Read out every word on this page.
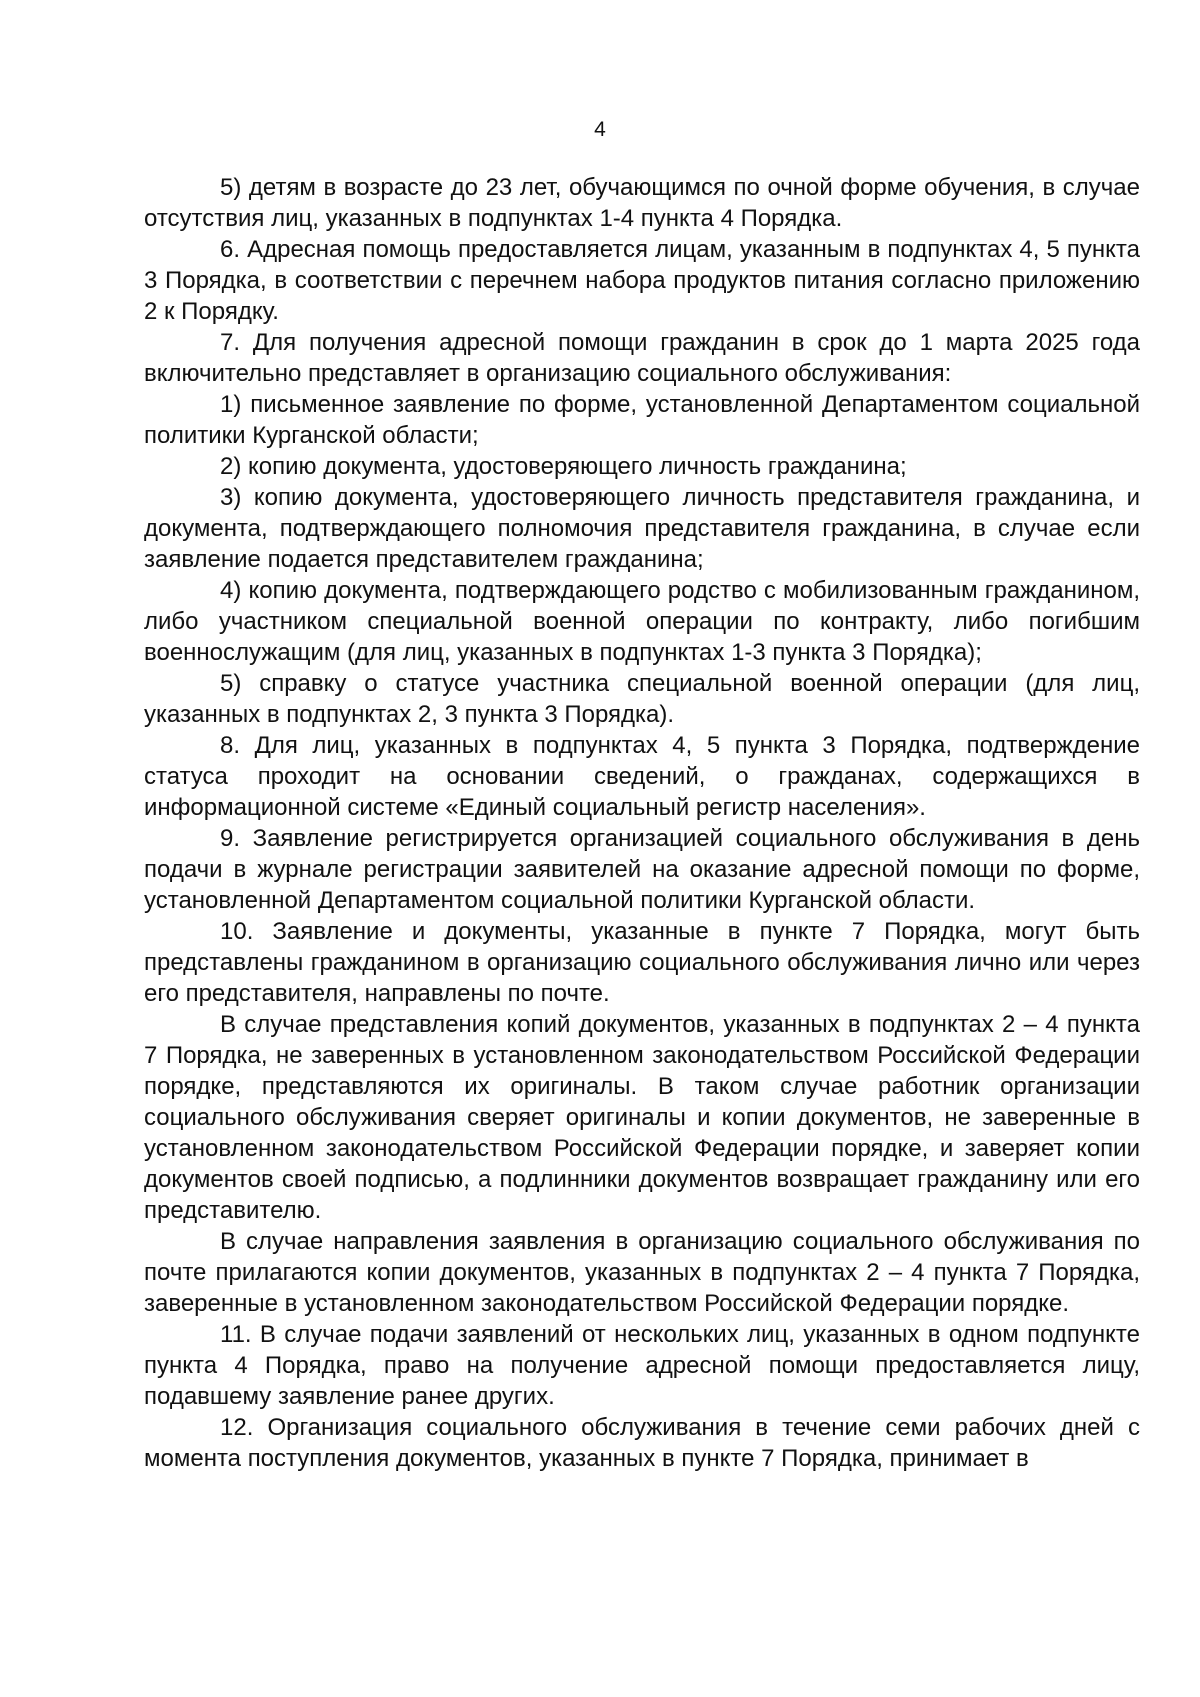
4

5) детям в возрасте до 23 лет, обучающимся по очной форме обучения, в случае отсутствия лиц, указанных в подпунктах 1-4 пункта 4 Порядка.

6. Адресная помощь предоставляется лицам, указанным в подпунктах 4, 5 пункта 3 Порядка, в соответствии с перечнем набора продуктов питания согласно приложению 2 к Порядку.

7. Для получения адресной помощи гражданин в срок до 1 марта 2025 года включительно представляет в организацию социального обслуживания:

1) письменное заявление по форме, установленной Департаментом социальной политики Курганской области;

2) копию документа, удостоверяющего личность гражданина;

3) копию документа, удостоверяющего личность представителя гражданина, и документа, подтверждающего полномочия представителя гражданина, в случае если заявление подается представителем гражданина;

4) копию документа, подтверждающего родство с мобилизованным гражданином, либо участником специальной военной операции по контракту, либо погибшим военнослужащим (для лиц, указанных в подпунктах 1-3 пункта 3 Порядка);

5) справку о статусе участника специальной военной операции (для лиц, указанных в подпунктах 2, 3 пункта 3 Порядка).

8. Для лиц, указанных в подпунктах 4, 5 пункта 3 Порядка, подтверждение статуса проходит на основании сведений, о гражданах, содержащихся в информационной системе «Единый социальный регистр населения».

9. Заявление регистрируется организацией социального обслуживания в день подачи в журнале регистрации заявителей на оказание адресной помощи по форме, установленной Департаментом социальной политики Курганской области.

10. Заявление и документы, указанные в пункте 7 Порядка, могут быть представлены гражданином в организацию социального обслуживания лично или через его представителя, направлены по почте.

В случае представления копий документов, указанных в подпунктах 2 – 4 пункта 7 Порядка, не заверенных в установленном законодательством Российской Федерации порядке, представляются их оригиналы. В таком случае работник организации социального обслуживания сверяет оригиналы и копии документов, не заверенные в установленном законодательством Российской Федерации порядке, и заверяет копии документов своей подписью, а подлинники документов возвращает гражданину или его представителю.

В случае направления заявления в организацию социального обслуживания по почте прилагаются копии документов, указанных в подпунктах 2 – 4 пункта 7 Порядка, заверенные в установленном законодательством Российской Федерации порядке.

11. В случае подачи заявлений от нескольких лиц, указанных в одном подпункте пункта 4 Порядка, право на получение адресной помощи предоставляется лицу, подавшему заявление ранее других.

12. Организация социального обслуживания в течение семи рабочих дней с момента поступления документов, указанных в пункте 7 Порядка, принимает в
